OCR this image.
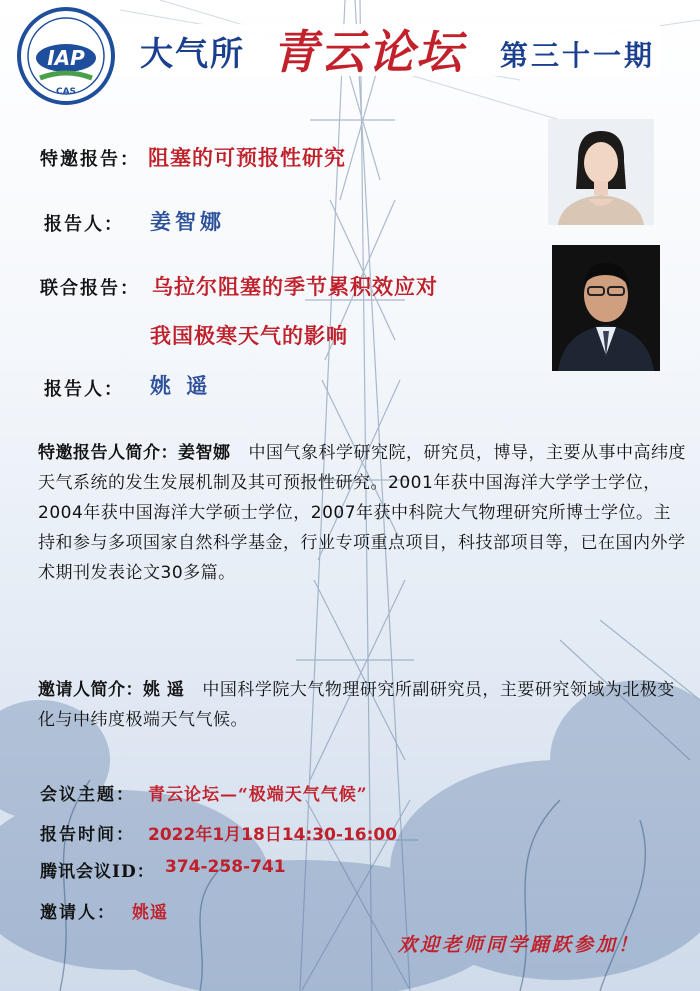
IAP
CAS
大气所 青云论坛 第三十一期
特邀报告： 阻塞的可预报性研究
报告人： 姜智娜
联合报告： 乌拉尔阻塞的季节累积效应对
我国极寒天气的影响
报告人： 姚 遥
特邀报告人简介：姜智娜 中国气象科学研究院，研究员，博导，主要从事中高纬度天气系统的发生发展机制及其可预报性研究。2001年获中国海洋大学学士学位，2004年获中国海洋大学硕士学位，2007年获中科院大气物理研究所博士学位。主持和参与多项国家自然科学基金，行业专项重点项目，科技部项目等，已在国内外学术期刊发表论文30多篇。
邀请人简介：姚 遥 中国科学院大气物理研究所副研究员，主要研究领域为北极变化与中纬度极端天气气候。
会议主题： 青云论坛—“极端天气气候”
报告时间： 2022年1月18日14:30-16:00
腾讯会议ID： 374-258-741
邀请人： 姚遥
欢迎老师同学踊跃参加！
